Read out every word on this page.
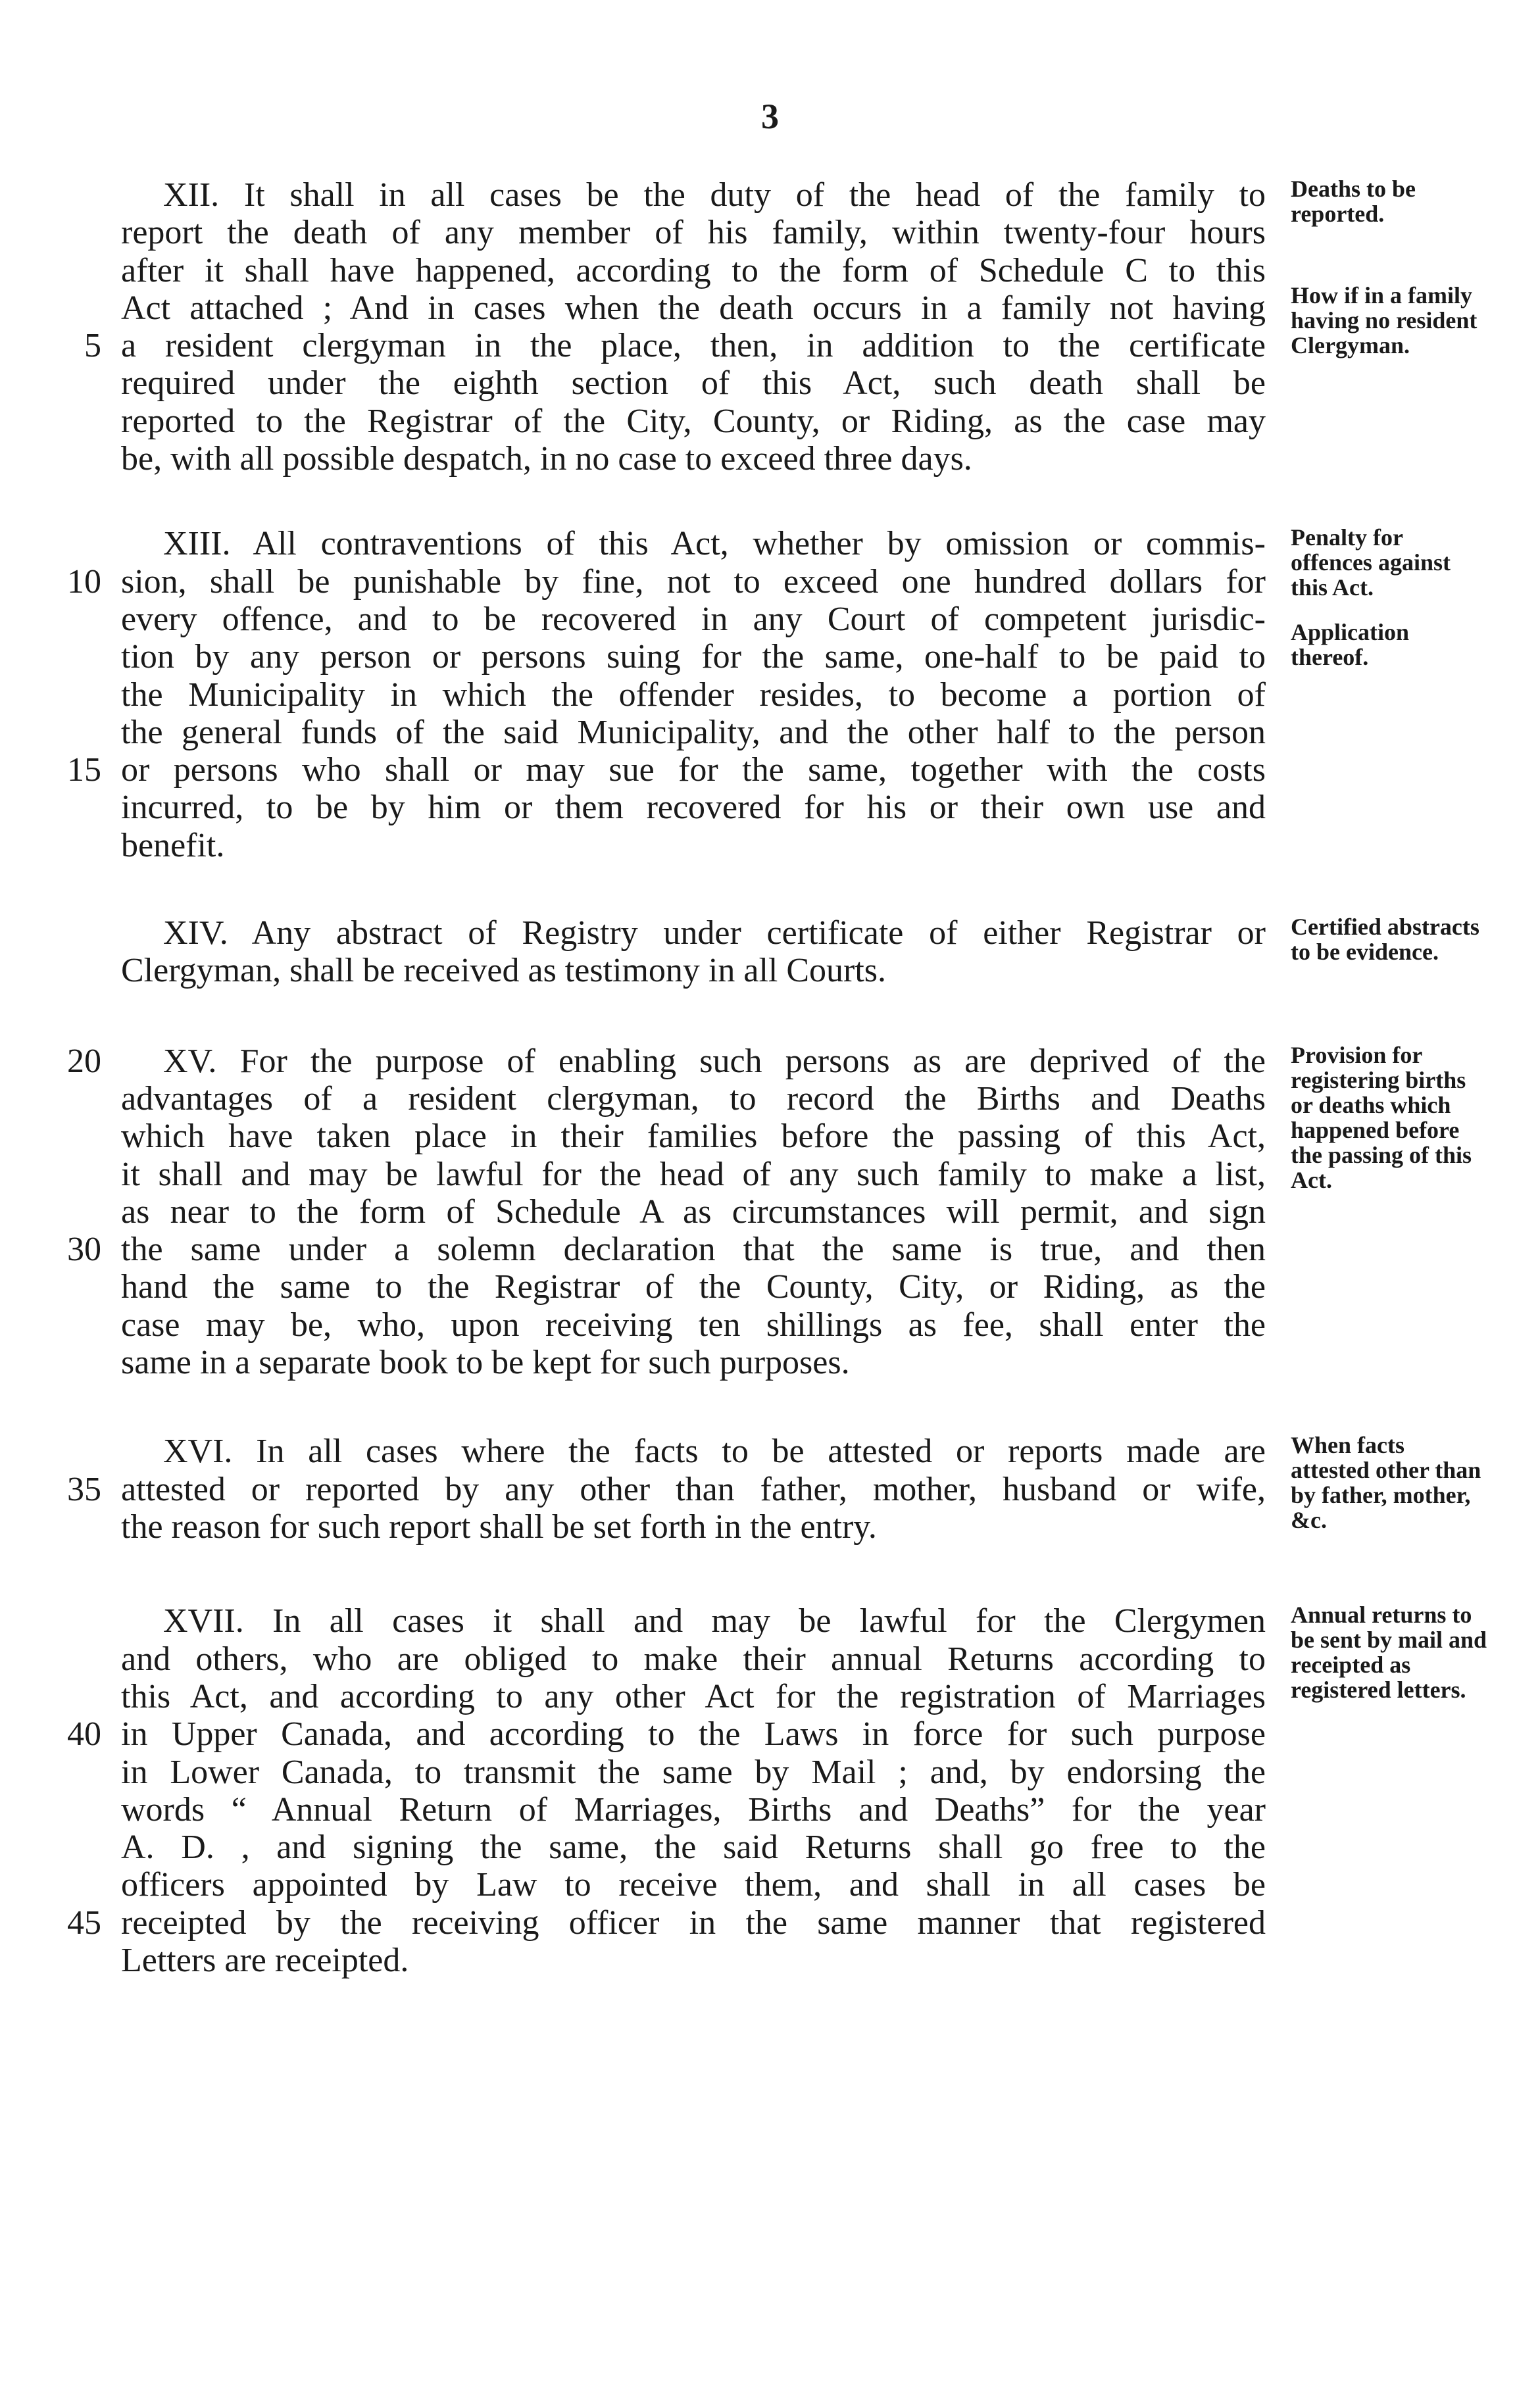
3
5
XII. It shall in all cases be the duty of the head of the family to
report the death of any member of his family, within twenty-four hours
after it shall have happened, according to the form of Schedule C to this
Act attached ; And in cases when the death occurs in a family not having
a resident clergyman in the place, then, in addition to the certificate
required under the eighth section of this Act, such death shall be
reported to the Registrar of the City, County, or Riding, as the case may
be, with all possible despatch, in no case to exceed three days.
Deaths to be reported.
How if in a family having no resident Clergyman.
10
15
XIII. All contraventions of this Act, whether by omission or commis-
sion, shall be punishable by fine, not to exceed one hundred dollars for
every offence, and to be recovered in any Court of competent jurisdic-
tion by any person or persons suing for the same, one-half to be paid to
the Municipality in which the offender resides, to become a portion of
the general funds of the said Municipality, and the other half to the person
or persons who shall or may sue for the same, together with the costs
incurred, to be by him or them recovered for his or their own use and
benefit.
Penalty for offences against this Act.
Application thereof.
XIV. Any abstract of Registry under certificate of either Registrar or
Clergyman, shall be received as testimony in all Courts.
Certified abstracts to be evidence.
20
30
XV. For the purpose of enabling such persons as are deprived of the
advantages of a resident clergyman, to record the Births and Deaths
which have taken place in their families before the passing of this Act,
it shall and may be lawful for the head of any such family to make a list,
as near to the form of Schedule A as circumstances will permit, and sign
the same under a solemn declaration that the same is true, and then
hand the same to the Registrar of the County, City, or Riding, as the
case may be, who, upon receiving ten shillings as fee, shall enter the
same in a separate book to be kept for such purposes.
Provision for registering births or deaths which happened before the passing of this Act.
35
XVI. In all cases where the facts to be attested or reports made are
attested or reported by any other than father, mother, husband or wife,
the reason for such report shall be set forth in the entry.
When facts attested other than by father, mother, &c.
40
45
XVII. In all cases it shall and may be lawful for the Clergymen
and others, who are obliged to make their annual Returns according to
this Act, and according to any other Act for the registration of Marriages
in Upper Canada, and according to the Laws in force for such purpose
in Lower Canada, to transmit the same by Mail ; and, by endorsing the
words “ Annual Return of Marriages, Births and Deaths” for the year
A. D. , and signing the same, the said Returns shall go free to the
officers appointed by Law to receive them, and shall in all cases be
receipted by the receiving officer in the same manner that registered
Letters are receipted.
Annual returns to be sent by mail and receipted as registered letters.
